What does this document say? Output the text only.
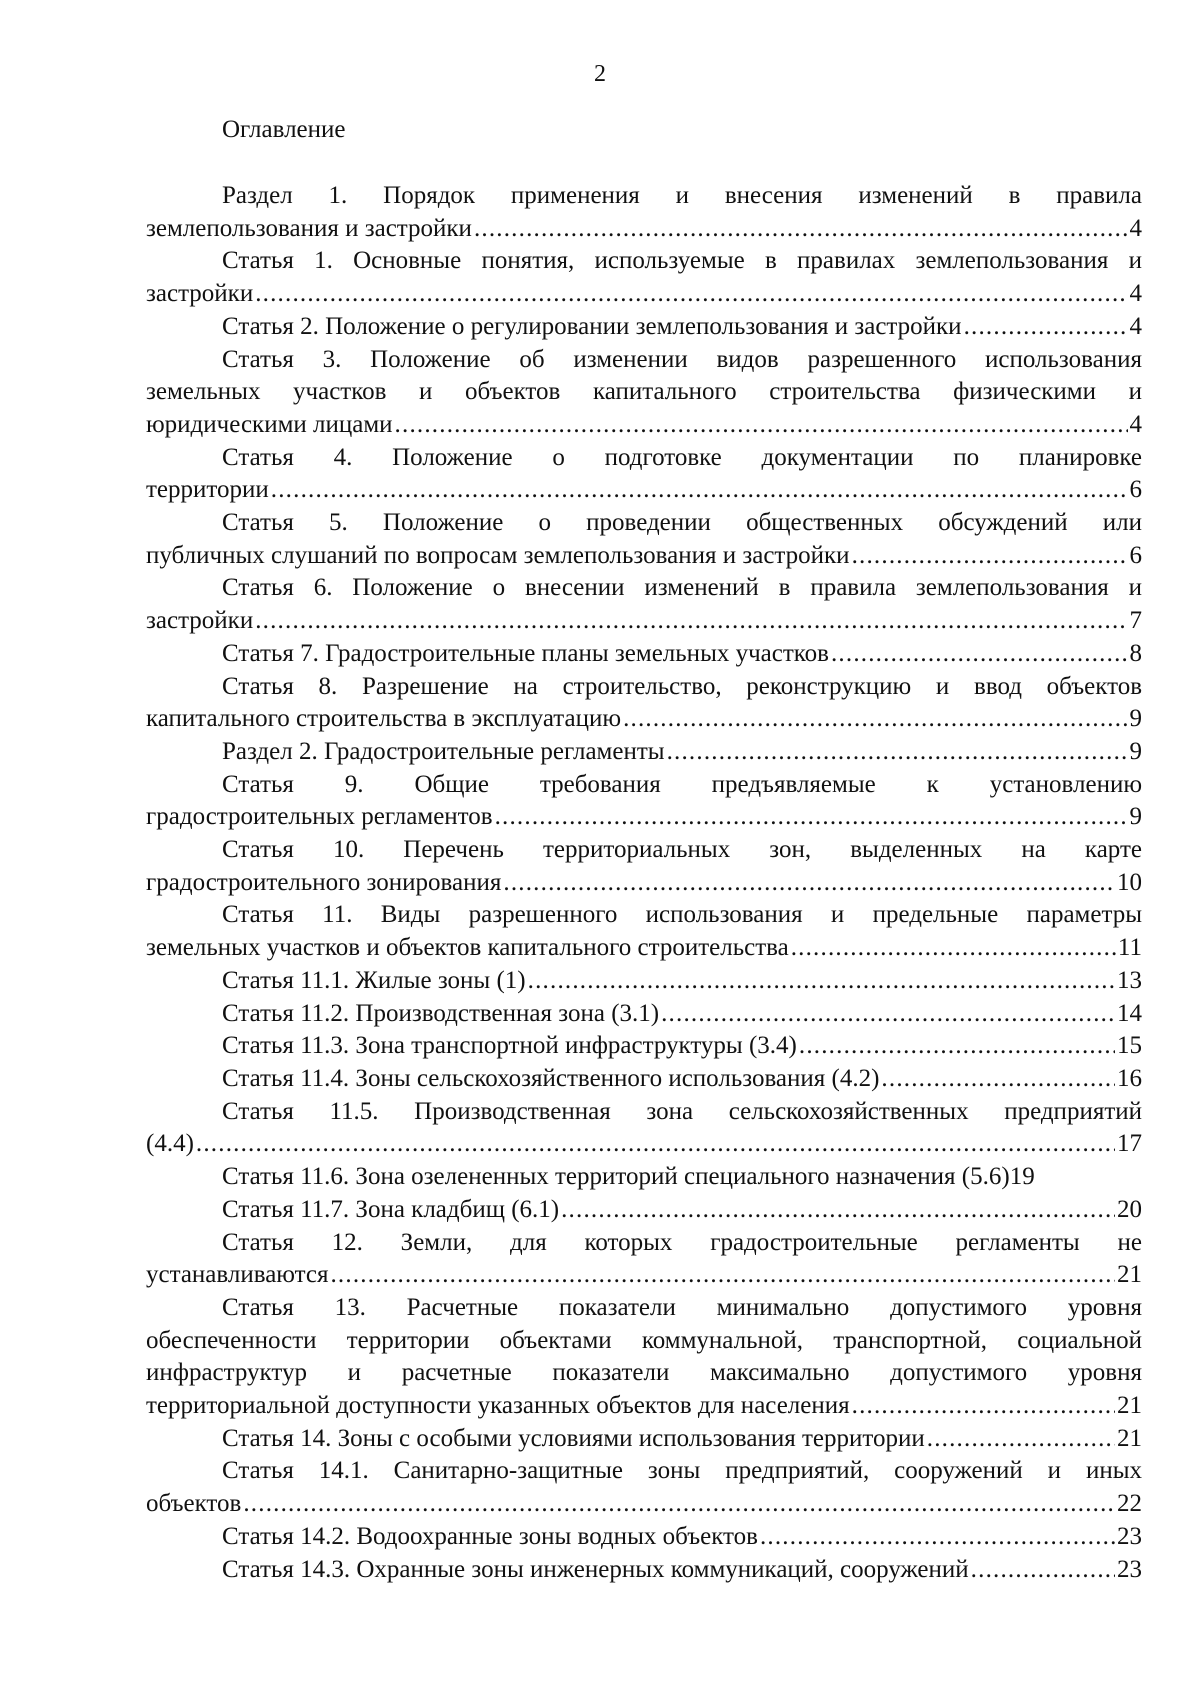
2
Оглавление
Раздел 1. Порядок применения и внесения изменений в правила
землепользования и застройки .....	4
Статья 1. Основные понятия, используемые в правилах землепользования и
застройки .....	4
Статья 2. Положение о регулировании землепользования и застройки .....	4
Статья 3. Положение об изменении видов разрешенного использования
земельных участков и объектов капитального строительства физическими и
юридическими лицами .....	4
Статья 4. Положение о подготовке документации по планировке
территории .....	6
Статья 5. Положение о проведении общественных обсуждений или
публичных слушаний по вопросам землепользования и застройки .....	6
Статья 6. Положение о внесении изменений в правила землепользования и
застройки .....	7
Статья 7. Градостроительные планы земельных участков .....	8
Статья 8. Разрешение на строительство, реконструкцию и ввод объектов
капитального строительства в эксплуатацию .....	9
Раздел 2. Градостроительные регламенты .....	9
Статья 9. Общие требования предъявляемые к установлению
градостроительных регламентов .....	9
Статья 10. Перечень территориальных зон, выделенных на карте
градостроительного зонирования .....	10
Статья 11. Виды разрешенного использования и предельные параметры
земельных участков и объектов капитального строительства .....	11
Статья 11.1. Жилые зоны (1) .....	13
Статья 11.2. Производственная зона (3.1) .....	14
Статья 11.3. Зона транспортной инфраструктуры (3.4) .....	15
Статья 11.4. Зоны сельскохозяйственного использования (4.2) .....	16
Статья 11.5. Производственная зона сельскохозяйственных предприятий
(4.4) .....	17
Статья 11.6. Зона озелененных территорий специального назначения (5.6) 19
Статья 11.7. Зона кладбищ (6.1) .....	20
Статья 12. Земли, для которых градостроительные регламенты не
устанавливаются .....	21
Статья 13. Расчетные показатели минимально допустимого уровня
обеспеченности территории объектами коммунальной, транспортной, социальной
инфраструктур и расчетные показатели максимально допустимого уровня
территориальной доступности указанных объектов для населения .....	21
Статья 14. Зоны с особыми условиями использования территории .....	21
Статья 14.1. Санитарно-защитные зоны предприятий, сооружений и иных
объектов .....	22
Статья 14.2. Водоохранные зоны водных объектов .....	23
Статья 14.3. Охранные зоны инженерных коммуникаций, сооружений .....	23
